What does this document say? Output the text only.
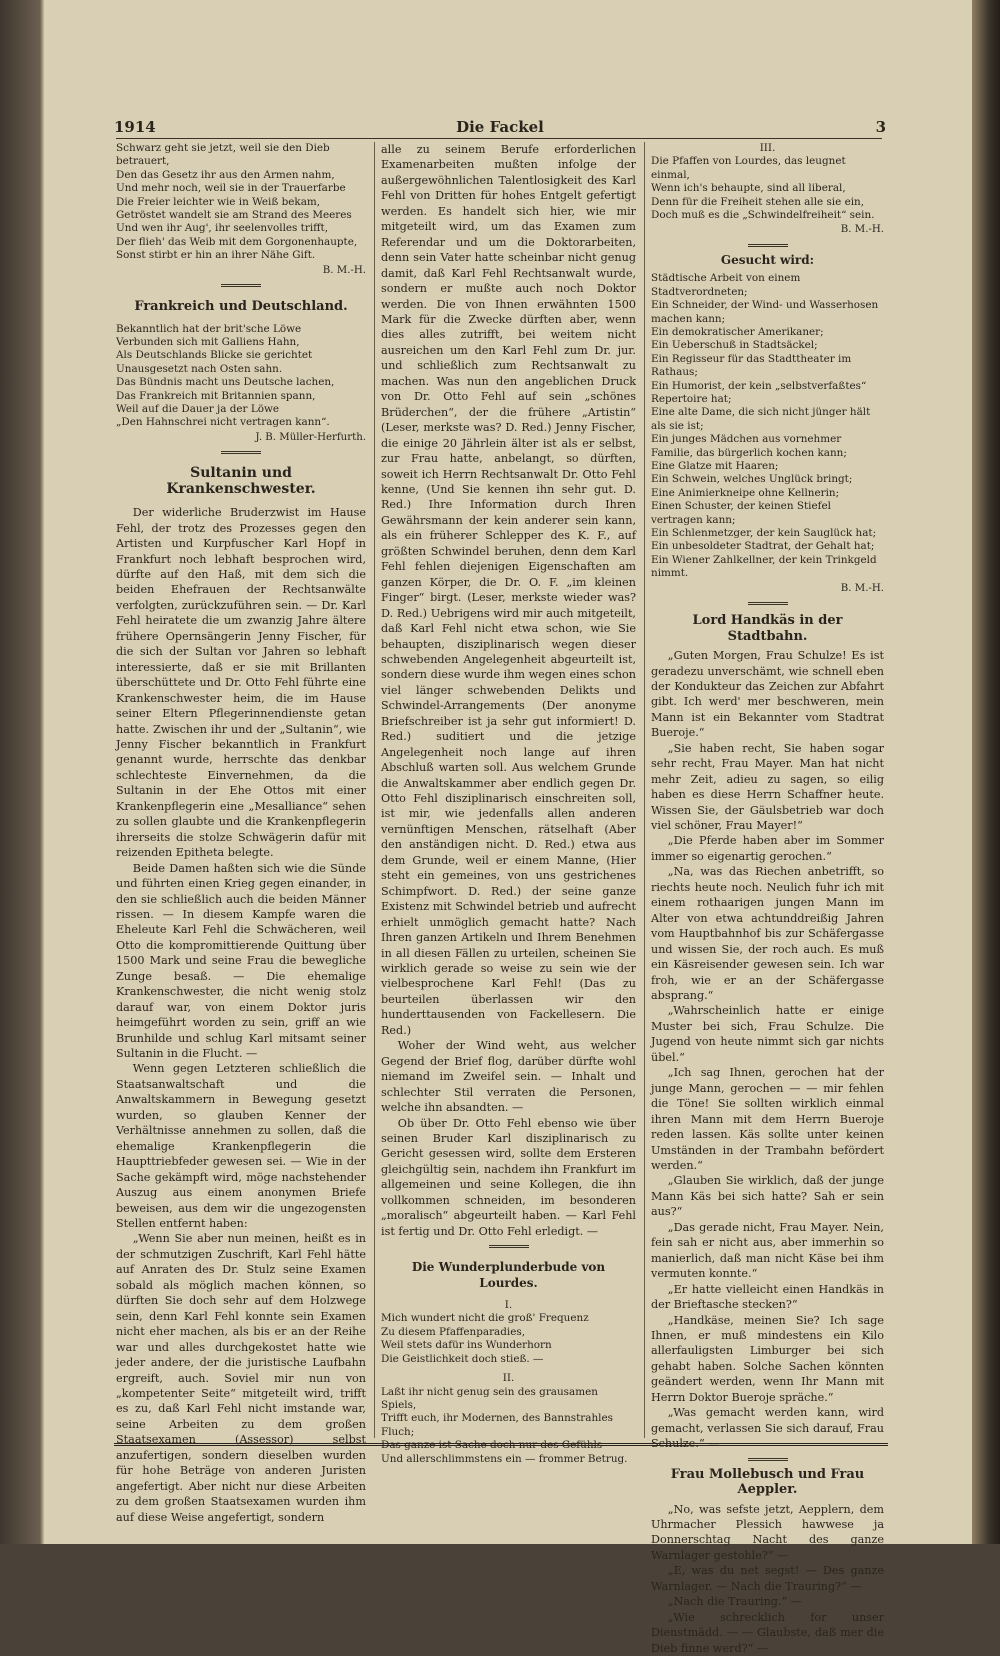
1914	Die Fackel	3
Schwarz geht sie jetzt, weil sie den Dieb betrauert,
Den das Gesetz ihr aus den Armen nahm,
Und mehr noch, weil sie in der Trauerfarbe
Die Freier leichter wie in Weiß bekam,
Getröstet wandelt sie am Strand des Meeres
Und wen ihr Aug', ihr seelenvolles trifft,
Der flieh' das Weib mit dem Gorgonenhaupte,
Sonst stirbt er hin an ihrer Nähe Gift.
B. M.-H.
Frankreich und Deutschland.
Bekanntlich hat der brit'sche Löwe
Verbunden sich mit Galliens Hahn,
Als Deutschlands Blicke sie gerichtet
Unausgesetzt nach Osten sahn.
Das Bündnis macht uns Deutsche lachen,
Das Frankreich mit Britannien spann,
Weil auf die Dauer ja der Löwe
„Den Hahnschrei nicht vertragen kann“.
J. B. Müller-Herfurth.
Sultanin und Krankenschwester.

Der widerliche Bruderzwist im Hause Fehl, der trotz des Prozesses gegen den Artisten und Kurpfuscher Karl Hopf in Frankfurt noch lebhaft besprochen wird, dürfte auf den Haß, mit dem sich die beiden Ehefrauen der Rechtsanwälte verfolgten, zurückzuführen sein. — Dr. Karl Fehl heiratete die um zwanzig Jahre ältere frühere Opernsängerin Jenny Fischer, für die sich der Sultan vor Jahren so lebhaft interessierte, daß er sie mit Brillanten überschüttete und Dr. Otto Fehl führte eine Krankenschwester heim, die im Hause seiner Eltern Pflegerinnendienste getan hatte. Zwischen ihr und der „Sultanin“, wie Jenny Fischer bekanntlich in Frankfurt genannt wurde, herrschte das denkbar schlechteste Einvernehmen, da die Sultanin in der Ehe Ottos mit einer Krankenpflegerin eine „Mesalliance“ sehen zu sollen glaubte und die Krankenpflegerin ihrerseits die stolze Schwägerin dafür mit reizenden Epitheta belegte.

Beide Damen haßten sich wie die Sünde und führten einen Krieg gegen einander, in den sie schließlich auch die beiden Männer rissen. — In diesem Kampfe waren die Eheleute Karl Fehl die Schwächeren, weil Otto die kompromittierende Quittung über 1500 Mark und seine Frau die bewegliche Zunge besaß. — Die ehemalige Krankenschwester, die nicht wenig stolz darauf war, von einem Doktor juris heimgeführt worden zu sein, griff an wie Brunhilde und schlug Karl mitsamt seiner Sultanin in die Flucht. —

Wenn gegen Letzteren schließlich die Staatsanwaltschaft und die Anwaltskammern in Bewegung gesetzt wurden, so glauben Kenner der Verhältnisse annehmen zu sollen, daß die ehemalige Krankenpflegerin die Haupttriebfeder gewesen sei. — Wie in der Sache gekämpft wird, möge nachstehender Auszug aus einem anonymen Briefe beweisen, aus dem wir die ungezogensten Stellen entfernt haben:

„Wenn Sie aber nun meinen, heißt es in der schmutzigen Zuschrift, Karl Fehl hätte auf Anraten des Dr. Stulz seine Examen sobald als möglich machen können, so dürften Sie doch sehr auf dem Holzwege sein, denn Karl Fehl konnte sein Examen nicht eher machen, als bis er an der Reihe war und alles durchgekostet hatte wie jeder andere, der die juristische Laufbahn ergreift, auch. Soviel mir nun von „kompetenter Seite“ mitgeteilt wird, trifft es zu, daß Karl Fehl nicht imstande war, seine Arbeiten zu dem großen Staatsexamen (Assessor) selbst anzufertigen, sondern dieselben wurden für hohe Beträge von anderen Juristen angefertigt. Aber nicht nur diese Arbeiten zu dem großen Staatsexamen wurden ihm auf diese Weise angefertigt, sondern

alle zu seinem Berufe erforderlichen Examenarbeiten mußten infolge der außergewöhnlichen Talentlosigkeit des Karl Fehl von Dritten für hohes Entgelt gefertigt werden. Es handelt sich hier, wie mir mitgeteilt wird, um das Examen zum Referendar und um die Doktorarbeiten, denn sein Vater hatte scheinbar nicht genug damit, daß Karl Fehl Rechtsanwalt wurde, sondern er mußte auch noch Doktor werden. Die von Ihnen erwähnten 1500 Mark für die Zwecke dürften aber, wenn dies alles zutrifft, bei weitem nicht ausreichen um den Karl Fehl zum Dr. jur. und schließlich zum Rechtsanwalt zu machen. Was nun den angeblichen Druck von Dr. Otto Fehl auf sein „schönes Brüderchen“, der die frühere „Artistin“ (Leser, merkste was? D. Red.) Jenny Fischer, die einige 20 Jährlein älter ist als er selbst, zur Frau hatte, anbelangt, so dürften, soweit ich Herrn Rechtsanwalt Dr. Otto Fehl kenne, (Und Sie kennen ihn sehr gut. D. Red.) Ihre Information durch Ihren Gewährsmann der kein anderer sein kann, als ein früherer Schlepper des K. F., auf größten Schwindel beruhen, denn dem Karl Fehl fehlen diejenigen Eigenschaften am ganzen Körper, die Dr. O. F. „im kleinen Finger“ birgt. (Leser, merkste wieder was? D. Red.) Uebrigens wird mir auch mitgeteilt, daß Karl Fehl nicht etwa schon, wie Sie behaupten, disziplinarisch wegen dieser schwebenden Angelegenheit abgeurteilt ist, sondern diese wurde ihm wegen eines schon viel länger schwebenden Delikts und Schwindel-Arrangements (Der anonyme Briefschreiber ist ja sehr gut informiert! D. Red.) suditiert und die jetzige Angelegenheit noch lange auf ihren Abschluß warten soll. Aus welchem Grunde die Anwaltskammer aber endlich gegen Dr. Otto Fehl disziplinarisch einschreiten soll, ist mir, wie jedenfalls allen anderen vernünftigen Menschen, rätselhaft (Aber den anständigen nicht. D. Red.) etwa aus dem Grunde, weil er einem Manne, (Hier steht ein gemeines, von uns gestrichenes Schimpfwort. D. Red.) der seine ganze Existenz mit Schwindel betrieb und aufrecht erhielt unmöglich gemacht hatte? Nach Ihren ganzen Artikeln und Ihrem Benehmen in all diesen Fällen zu urteilen, scheinen Sie wirklich gerade so weise zu sein wie der vielbesprochene Karl Fehl! (Das zu beurteilen überlassen wir den hunderttausenden von Fackellesern. Die Red.)

Woher der Wind weht, aus welcher Gegend der Brief flog, darüber dürfte wohl niemand im Zweifel sein. — Inhalt und schlechter Stil verraten die Personen, welche ihn absandten. —

Ob über Dr. Otto Fehl ebenso wie über seinen Bruder Karl disziplinarisch zu Gericht gesessen wird, sollte dem Ersteren gleichgültig sein, nachdem ihn Frankfurt im allgemeinen und seine Kollegen, die ihn vollkommen schneiden, im besonderen „moralisch“ abgeurteilt haben. — Karl Fehl ist fertig und Dr. Otto Fehl erledigt. —

Die Wunderplunderbude von Lourdes.
I.
Mich wundert nicht die groß' Frequenz
Zu diesem Pfaffenparadies,
Weil stets dafür ins Wunderhorn
Die Geistlichkeit doch stieß. —
II.
Laßt ihr nicht genug sein des grausamen Spiels,
Trifft euch, ihr Modernen, des Bannstrahles Fluch;
Das ganze ist Sache doch nur des Gefühls
Und allerschlimmstens ein — frommer Betrug.
III.
Die Pfaffen von Lourdes, das leugnet einmal,
Wenn ich's behaupte, sind all liberal,
Denn für die Freiheit stehen alle sie ein,
Doch muß es die „Schwindelfreiheit“ sein.
B. M.-H.
Gesucht wird:
Städtische Arbeit von einem Stadtverordneten;
Ein Schneider, der Wind- und Wasserhosen machen kann;
Ein demokratischer Amerikaner;
Ein Ueberschuß in Stadtsäckel;
Ein Regisseur für das Stadttheater im Rathaus;
Ein Humorist, der kein „selbstverfaßtes“ Repertoire hat;
Eine alte Dame, die sich nicht jünger hält als sie ist;
Ein junges Mädchen aus vornehmer Familie, das bürgerlich kochen kann;
Eine Glatze mit Haaren;
Ein Schwein, welches Unglück bringt;
Eine Animierkneipe ohne Kellnerin;
Einen Schuster, der keinen Stiefel vertragen kann;
Ein Schlenmetzger, der kein Sauglück hat;
Ein unbesoldeter Stadtrat, der Gehalt hat;
Ein Wiener Zahlkellner, der kein Trinkgeld nimmt.
B. M.-H.
Lord Handkäs in der Stadtbahn.

„Guten Morgen, Frau Schulze! Es ist geradezu unverschämt, wie schnell eben der Kondukteur das Zeichen zur Abfahrt gibt. Ich werd' mer beschweren, mein Mann ist ein Bekannter vom Stadtrat Bueroje.“

„Sie haben recht, Sie haben sogar sehr recht, Frau Mayer. Man hat nicht mehr Zeit, adieu zu sagen, so eilig haben es diese Herrn Schaffner heute. Wissen Sie, der Gäulsbetrieb war doch viel schöner, Frau Mayer!“

„Die Pferde haben aber im Sommer immer so eigenartig gerochen.“

„Na, was das Riechen anbetrifft, so riechts heute noch. Neulich fuhr ich mit einem rothaarigen jungen Mann im Alter von etwa achtunddreißig Jahren vom Hauptbahnhof bis zur Schäfergasse und wissen Sie, der roch auch. Es muß ein Käsreisender gewesen sein. Ich war froh, wie er an der Schäfergasse absprang.“

„Wahrscheinlich hatte er einige Muster bei sich, Frau Schulze. Die Jugend von heute nimmt sich gar nichts übel.“

„Ich sag Ihnen, gerochen hat der junge Mann, gerochen — — mir fehlen die Töne! Sie sollten wirklich einmal ihren Mann mit dem Herrn Bueroje reden lassen. Käs sollte unter keinen Umständen in der Trambahn befördert werden.“

„Glauben Sie wirklich, daß der junge Mann Käs bei sich hatte? Sah er sein aus?“

„Das gerade nicht, Frau Mayer. Nein, fein sah er nicht aus, aber immerhin so manierlich, daß man nicht Käse bei ihm vermuten konnte.“

„Er hatte vielleicht einen Handkäs in der Brieftasche stecken?“

„Handkäse, meinen Sie? Ich sage Ihnen, er muß mindestens ein Kilo allerfauligsten Limburger bei sich gehabt haben. Solche Sachen könnten geändert werden, wenn Ihr Mann mit Herrn Doktor Bueroje spräche.“

„Was gemacht werden kann, wird gemacht, verlassen Sie sich darauf, Frau Schulze.“ —

Frau Mollebusch und Frau Aeppler.

„No, was sefste jetzt, Aepplern, dem Uhrmacher Plessich hawwese ja Donnerschtag Nacht des ganze Warnlager gestohle?“ —

„E, was du net segst! — Des ganze Warnlager. — Nach die Trauring?“ —

„Nach die Trauring.“ —

„Wie schrecklich for unser Dienstmädd. — — Glaubste, daß mer die Dieb finne werd?“ —
